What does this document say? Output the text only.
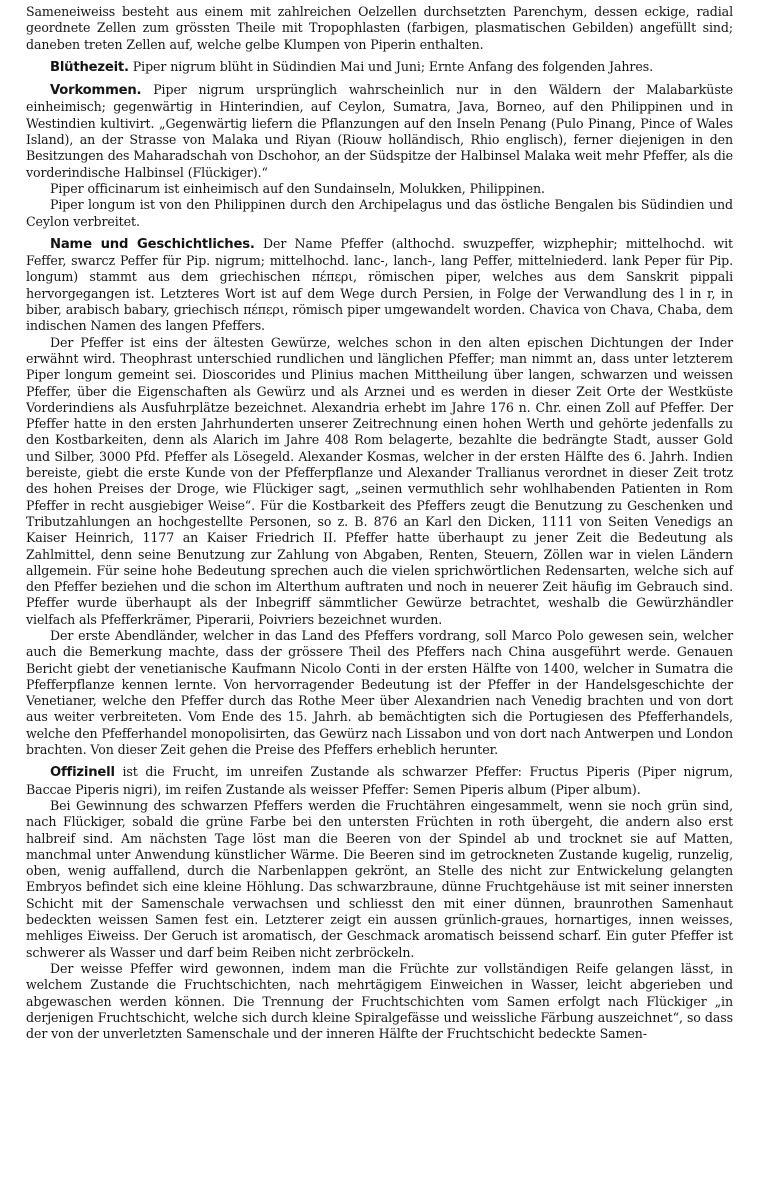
Sameneiweiss besteht aus einem mit zahlreichen Oelzellen durchsetzten Parenchym, dessen eckige, radial geordnete Zellen zum grössten Theile mit Tropophlasten (farbigen, plasmatischen Gebilden) angefüllt sind; daneben treten Zellen auf, welche gelbe Klumpen von Piperin enthalten.

Blüthezeit. Piper nigrum blüht in Südindien Mai und Juni; Ernte Anfang des folgenden Jahres.

Vorkommen. Piper nigrum ursprünglich wahrscheinlich nur in den Wäldern der Malabarküste einheimisch; gegenwärtig in Hinterindien, auf Ceylon, Sumatra, Java, Borneo, auf den Philippinen und in Westindien kultivirt. „Gegenwärtig liefern die Pflanzungen auf den Inseln Penang (Pulo Pinang, Pince of Wales Island), an der Strasse von Malaka und Riyan (Riouw holländisch, Rhio englisch), ferner diejenigen in den Besitzungen des Maharadschah von Dschohor, an der Südspitze der Halbinsel Malaka weit mehr Pfeffer, als die vorderindische Halbinsel (Flückiger).“

Piper officinarum ist einheimisch auf den Sundainseln, Molukken, Philippinen.

Piper longum ist von den Philippinen durch den Archipelagus und das östliche Bengalen bis Südindien und Ceylon verbreitet.

Name und Geschichtliches. Der Name Pfeffer (althochd. swuzpeffer, wizphephir; mittelhochd. wit Feffer, swarcz Peffer für Pip. nigrum; mittelhochd. lanc-, lanch-, lang Peffer, mittelniederd. lank Peper für Pip. longum) stammt aus dem griechischen πέπερι, römischen piper, welches aus dem Sanskrit pippali hervorgegangen ist. Letzteres Wort ist auf dem Wege durch Persien, in Folge der Verwandlung des l in r, in biber, arabisch babary, griechisch πέπερι, römisch piper umgewandelt worden. Chavica von Chava, Chaba, dem indischen Namen des langen Pfeffers.

Der Pfeffer ist eins der ältesten Gewürze, welches schon in den alten epischen Dichtungen der Inder erwähnt wird. Theophrast unterschied rundlichen und länglichen Pfeffer; man nimmt an, dass unter letzterem Piper longum gemeint sei. Dioscorides und Plinius machen Mittheilung über langen, schwarzen und weissen Pfeffer, über die Eigenschaften als Gewürz und als Arznei und es werden in dieser Zeit Orte der Westküste Vorderindiens als Ausfuhrplätze bezeichnet. Alexandria erhebt im Jahre 176 n. Chr. einen Zoll auf Pfeffer. Der Pfeffer hatte in den ersten Jahrhunderten unserer Zeitrechnung einen hohen Werth und gehörte jedenfalls zu den Kostbarkeiten, denn als Alarich im Jahre 408 Rom belagerte, bezahlte die bedrängte Stadt, ausser Gold und Silber, 3000 Pfd. Pfeffer als Lösegeld. Alexander Kosmas, welcher in der ersten Hälfte des 6. Jahrh. Indien bereiste, giebt die erste Kunde von der Pfefferpflanze und Alexander Trallianus verordnet in dieser Zeit trotz des hohen Preises der Droge, wie Flückiger sagt, „seinen vermuthlich sehr wohlhabenden Patienten in Rom Pfeffer in recht ausgiebiger Weise“. Für die Kostbarkeit des Pfeffers zeugt die Benutzung zu Geschenken und Tributzahlungen an hochgestellte Personen, so z. B. 876 an Karl den Dicken, 1111 von Seiten Venedigs an Kaiser Heinrich, 1177 an Kaiser Friedrich II. Pfeffer hatte überhaupt zu jener Zeit die Bedeutung als Zahlmittel, denn seine Benutzung zur Zahlung von Abgaben, Renten, Steuern, Zöllen war in vielen Ländern allgemein. Für seine hohe Bedeutung sprechen auch die vielen sprichwörtlichen Redensarten, welche sich auf den Pfeffer beziehen und die schon im Alterthum auftraten und noch in neuerer Zeit häufig im Gebrauch sind. Pfeffer wurde überhaupt als der Inbegriff sämmtlicher Gewürze betrachtet, weshalb die Gewürzhändler vielfach als Pfefferkrämer, Piperarii, Poivriers bezeichnet wurden.

Der erste Abendländer, welcher in das Land des Pfeffers vordrang, soll Marco Polo gewesen sein, welcher auch die Bemerkung machte, dass der grössere Theil des Pfeffers nach China ausgeführt werde. Genauen Bericht giebt der venetianische Kaufmann Nicolo Conti in der ersten Hälfte von 1400, welcher in Sumatra die Pfefferpflanze kennen lernte. Von hervorragender Bedeutung ist der Pfeffer in der Handelsgeschichte der Venetianer, welche den Pfeffer durch das Rothe Meer über Alexandrien nach Venedig brachten und von dort aus weiter verbreiteten. Vom Ende des 15. Jahrh. ab bemächtigten sich die Portugiesen des Pfefferhandels, welche den Pfefferhandel monopolisirten, das Gewürz nach Lissabon und von dort nach Antwerpen und London brachten. Von dieser Zeit gehen die Preise des Pfeffers erheblich herunter.

Offizinell ist die Frucht, im unreifen Zustande als schwarzer Pfeffer: Fructus Piperis (Piper nigrum, Baccae Piperis nigri), im reifen Zustande als weisser Pfeffer: Semen Piperis album (Piper album).

Bei Gewinnung des schwarzen Pfeffers werden die Fruchtähren eingesammelt, wenn sie noch grün sind, nach Flückiger, sobald die grüne Farbe bei den untersten Früchten in roth übergeht, die andern also erst halbreif sind. Am nächsten Tage löst man die Beeren von der Spindel ab und trocknet sie auf Matten, manchmal unter Anwendung künstlicher Wärme. Die Beeren sind im getrockneten Zustande kugelig, runzelig, oben, wenig auffallend, durch die Narbenlappen gekrönt, an Stelle des nicht zur Entwickelung gelangten Embryos befindet sich eine kleine Höhlung. Das schwarzbraune, dünne Fruchtgehäuse ist mit seiner innersten Schicht mit der Samenschale verwachsen und schliesst den mit einer dünnen, braunrothen Samenhaut bedeckten weissen Samen fest ein. Letzterer zeigt ein aussen grünlich-graues, hornartiges, innen weisses, mehliges Eiweiss. Der Geruch ist aromatisch, der Geschmack aromatisch beissend scharf. Ein guter Pfeffer ist schwerer als Wasser und darf beim Reiben nicht zerbröckeln.

Der weisse Pfeffer wird gewonnen, indem man die Früchte zur vollständigen Reife gelangen lässt, in welchem Zustande die Fruchtschichten, nach mehrtägigem Einweichen in Wasser, leicht abgerieben und abgewaschen werden können. Die Trennung der Fruchtschichten vom Samen erfolgt nach Flückiger „in derjenigen Fruchtschicht, welche sich durch kleine Spiralgefässe und weissliche Färbung auszeichnet“, so dass der von der unverletzten Samenschale und der inneren Hälfte der Fruchtschicht bedeckte Samen-
